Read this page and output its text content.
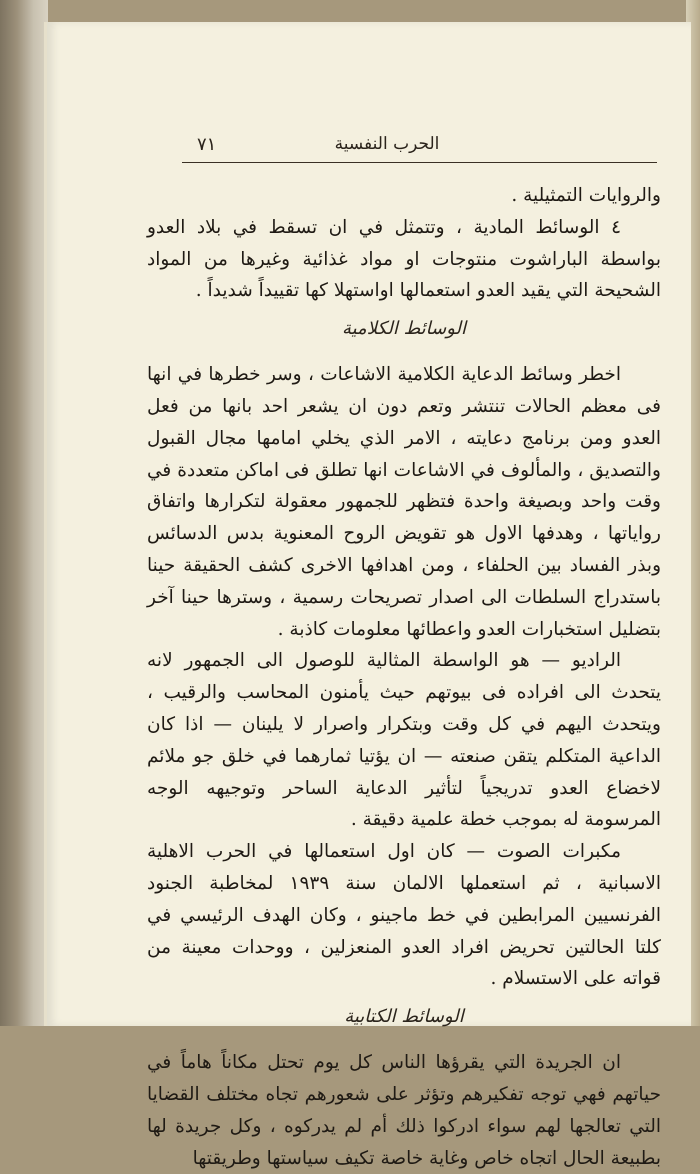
٧١	الحرب النفسية

والروايات التمثيلية .

٤ الوسائط المادية ، وتتمثل في ان تسقط في بلاد العدو بواسطة الباراشوت منتوجات او مواد غذائية وغيرها من المواد الشحيحة التي يقيد العدو استعمالها اواستهلا كها تقييداً شديداً .

الوسائط الكلامية

اخطر وسائط الدعاية الكلامية الاشاعات ، وسر خطرها في انها فى معظم الحالات تنتشر وتعم دون ان يشعر احد بانها من فعل العدو ومن برنامج دعايته ، الامر الذي يخلي امامها مجال القبول والتصديق ، والمألوف في الاشاعات انها تطلق فى اماكن متعددة في وقت واحد وبصيغة واحدة فتظهر للجمهور معقولة لتكرارها واتفاق رواياتها ، وهدفها الاول هو تقويض الروح المعنوية بدس الدسائس وبذر الفساد بين الحلفاء ، ومن اهدافها الاخرى كشف الحقيقة حينا باستدراج السلطات الى اصدار تصريحات رسمية ، وسترها حينا آخر بتضليل استخبارات العدو واعطائها معلومات كاذبة .

الراديو — هو الواسطة المثالية للوصول الى الجمهور لانه يتحدث الى افراده فى بيوتهم حيث يأمنون المحاسب والرقيب ، ويتحدث اليهم في كل وقت وبتكرار واصرار لا يلينان — اذا كان الداعية المتكلم يتقن صنعته — ان يؤتيا ثمارهما في خلق جو ملائم لاخضاع العدو تدريجياً لتأثير الدعاية الساحر وتوجيهه الوجه المرسومة له بموجب خطة علمية دقيقة .

مكبرات الصوت — كان اول استعمالها في الحرب الاهلية الاسبانية ، ثم استعملها الالمان سنة ١٩٣٩ لمخاطبة الجنود الفرنسيين المرابطين في خط ماجينو ، وكان الهدف الرئيسي في كلتا الحالتين تحريض افراد العدو المنعزلين ، ووحدات معينة من قواته على الاستسلام .

الوسائط الكتابية

ان الجريدة التي يقرؤها الناس كل يوم تحتل مكاناً هاماً في حياتهم فهي توجه تفكيرهم وتؤثر على شعورهم تجاه مختلف القضايا التي تعالجها لهم سواء ادركوا ذلك أم لم يدركوه ، وكل جريدة لها بطبيعة الحال اتجاه خاص وغاية خاصة تكيف سياستها وطريقتها
